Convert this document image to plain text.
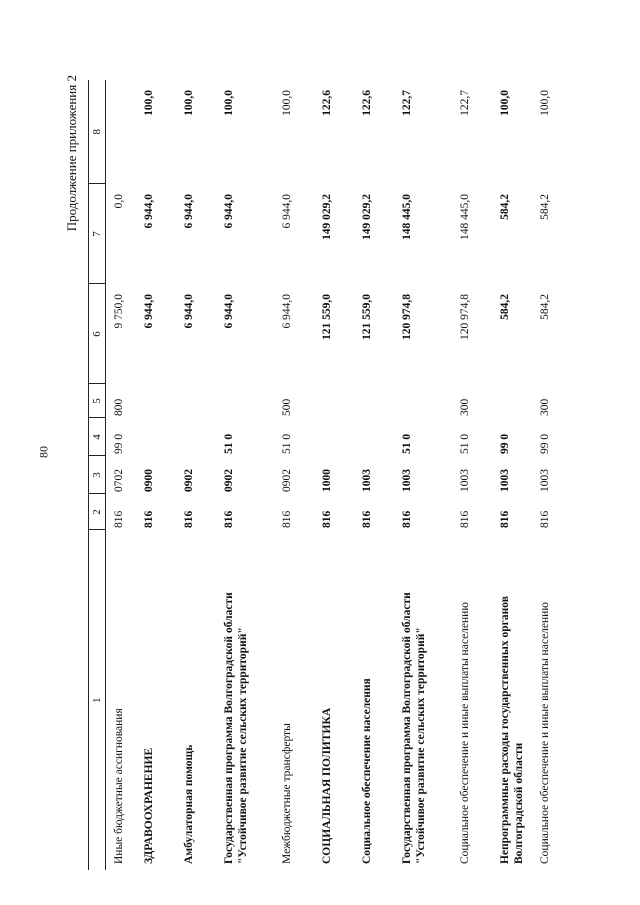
80
Продолжение приложения 2
1	2	3	4	5	6	7	8
Иные бюджетные ассигнования	816	0702	99 0	800	9 750,0	0,0	
ЗДРАВООХРАНЕНИЕ	816	0900			6 944,0	6 944,0	100,0
Амбулаторная помощь	816	0902			6 944,0	6 944,0	100,0
Государственная программа Волгоградской области "Устойчивое развитие сельских территорий"	816	0902	51 0		6 944,0	6 944,0	100,0
Межбюджетные трансферты	816	0902	51 0	500	6 944,0	6 944,0	100,0
СОЦИАЛЬНАЯ ПОЛИТИКА	816	1000			121 559,0	149 029,2	122,6
Социальное обеспечение населения	816	1003			121 559,0	149 029,2	122,6
Государственная программа Волгоградской области "Устойчивое развитие сельских территорий"	816	1003	51 0		120 974,8	148 445,0	122,7
Социальное обеспечение и иные выплаты населению	816	1003	51 0	300	120 974,8	148 445,0	122,7
Непрограммные расходы государственных органов Волгоградской области	816	1003	99 0		584,2	584,2	100,0
Социальное обеспечение и иные выплаты населению	816	1003	99 0	300	584,2	584,2	100,0
